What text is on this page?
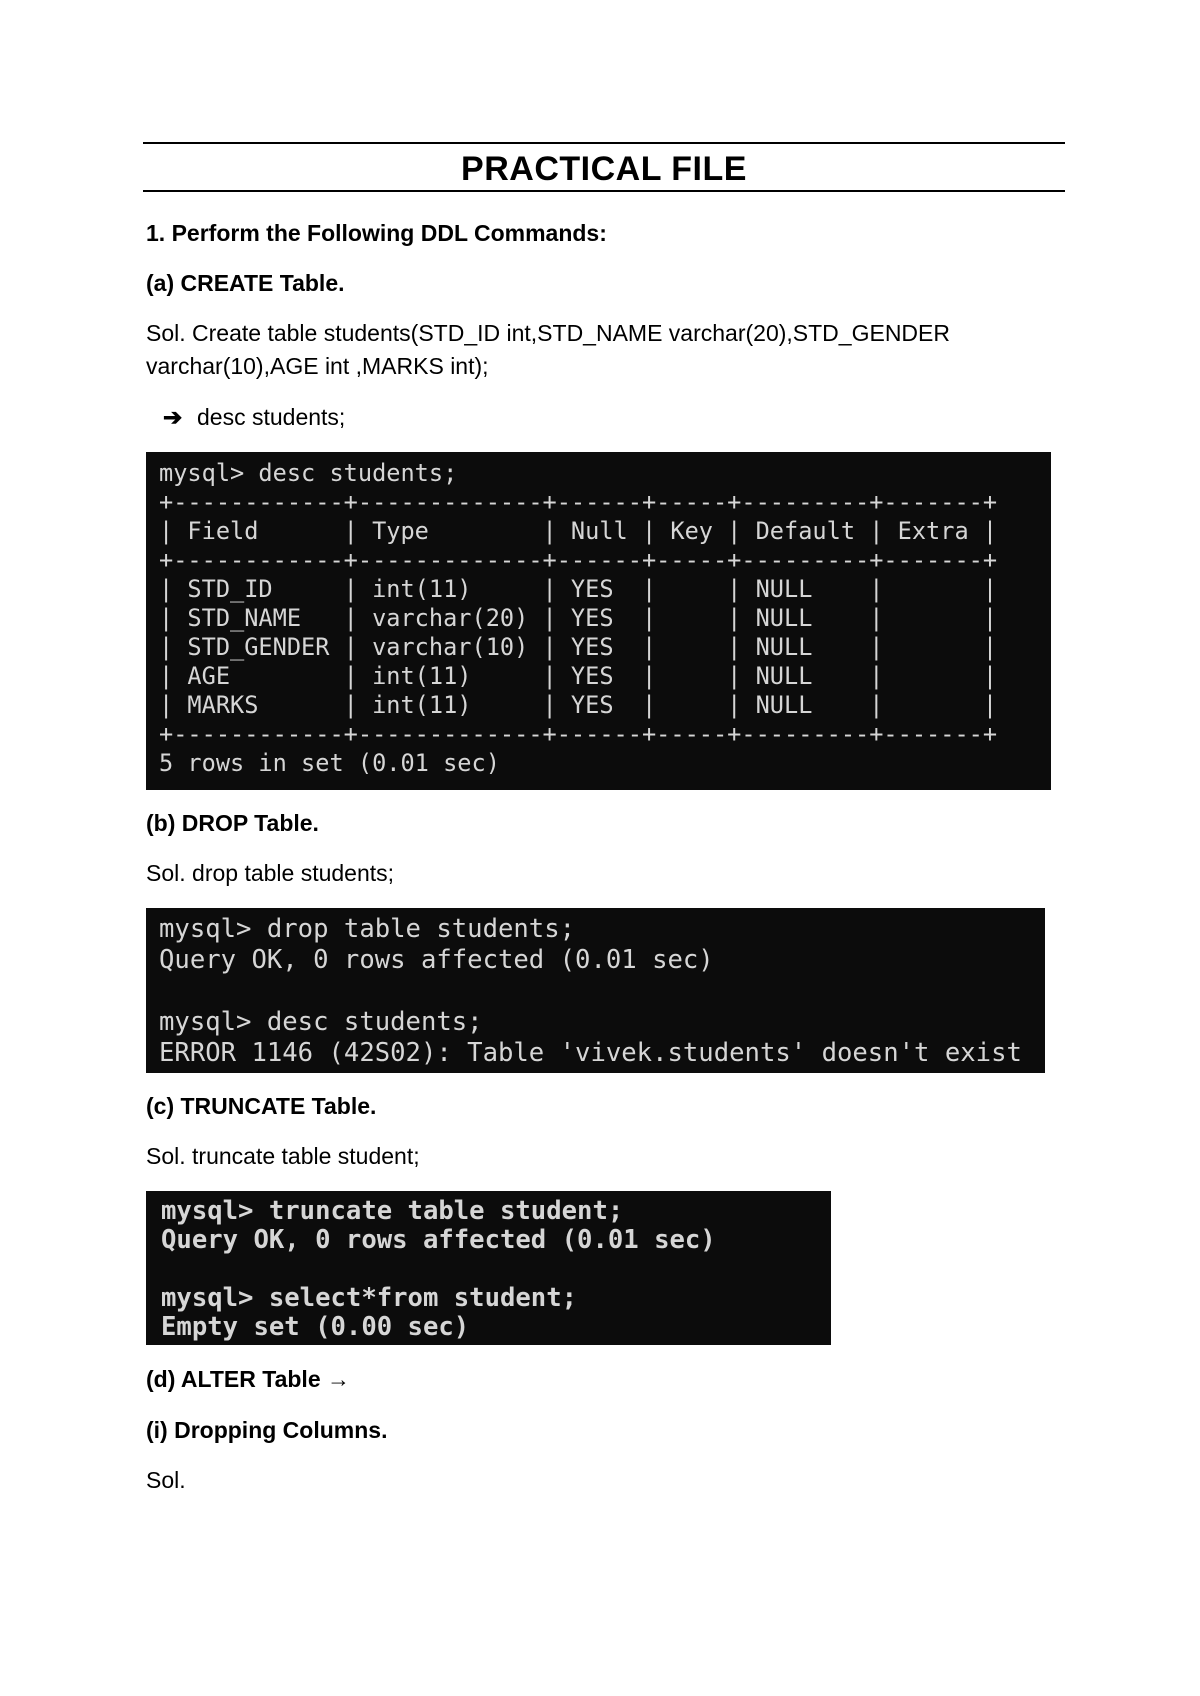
PRACTICAL FILE
1. Perform the Following DDL Commands:
(a) CREATE Table.
Sol. Create table students(STD_ID int,STD_NAME varchar(20),STD_GENDER
varchar(10),AGE int ,MARKS int);
➔ desc students;
mysql> desc students;
+------------+-------------+------+-----+---------+-------+
| Field      | Type        | Null | Key | Default | Extra |
+------------+-------------+------+-----+---------+-------+
| STD_ID     | int(11)     | YES  |     | NULL    |       |
| STD_NAME   | varchar(20) | YES  |     | NULL    |       |
| STD_GENDER | varchar(10) | YES  |     | NULL    |       |
| AGE        | int(11)     | YES  |     | NULL    |       |
| MARKS      | int(11)     | YES  |     | NULL    |       |
+------------+-------------+------+-----+---------+-------+
5 rows in set (0.01 sec)
(b) DROP Table.
Sol. drop table students;
mysql> drop table students;
Query OK, 0 rows affected (0.01 sec)

mysql> desc students;
ERROR 1146 (42S02): Table 'vivek.students' doesn't exist
(c) TRUNCATE Table.
Sol. truncate table student;
mysql> truncate table student;
Query OK, 0 rows affected (0.01 sec)

mysql> select*from student;
Empty set (0.00 sec)
(d) ALTER Table →
(i) Dropping Columns.
Sol.
